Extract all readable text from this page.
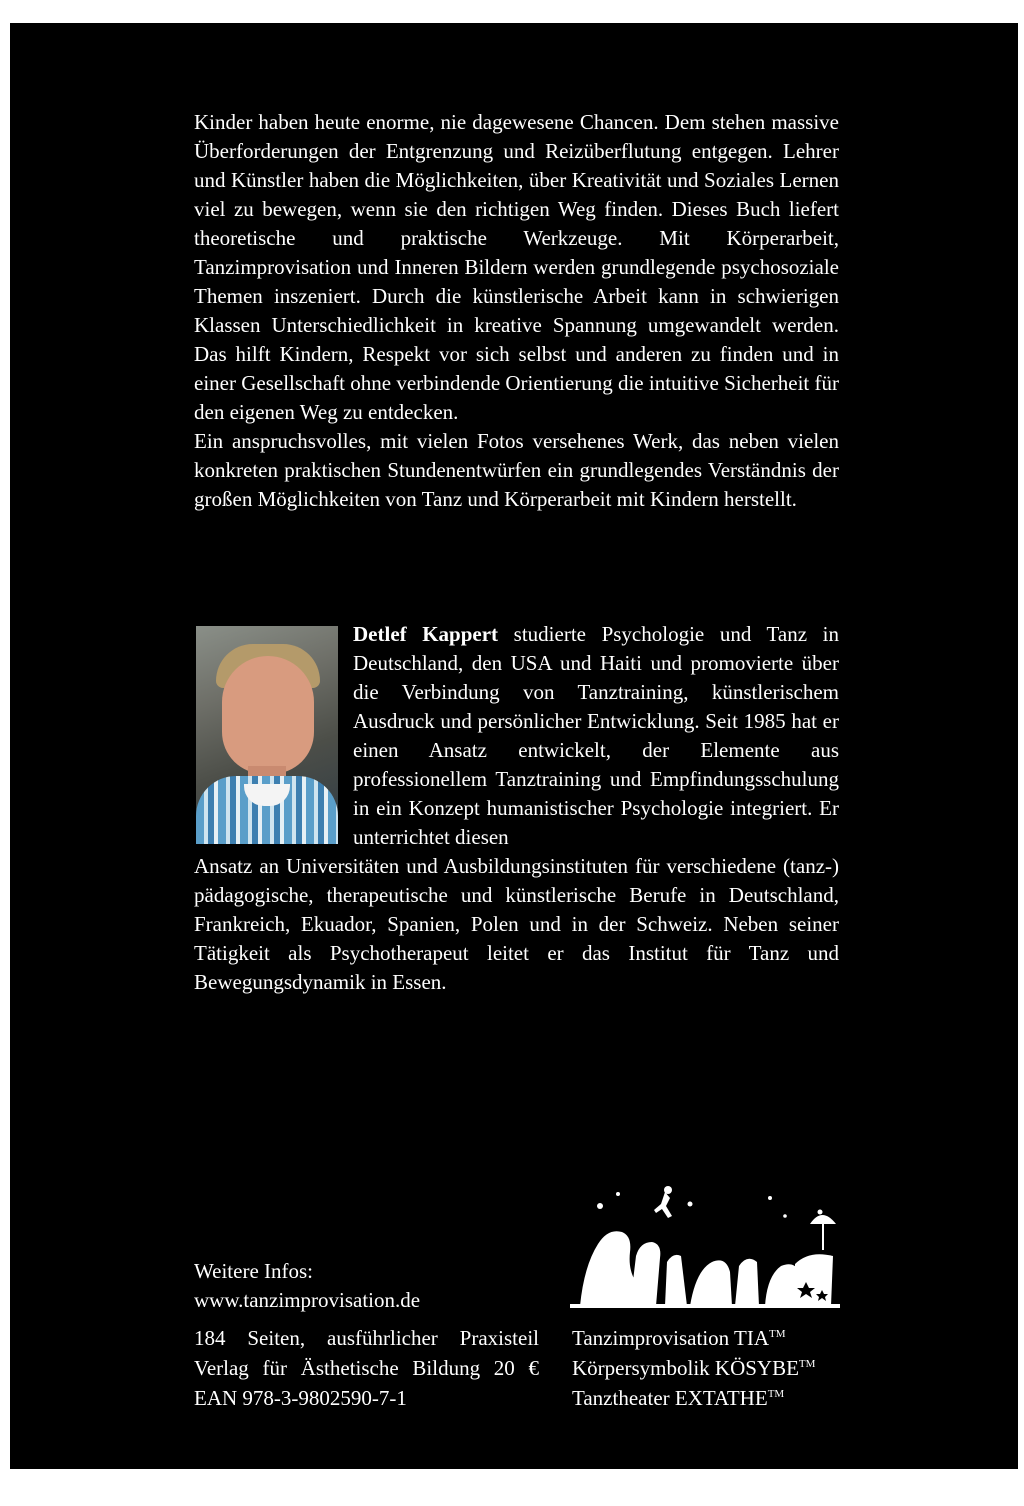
Kinder haben heute enorme, nie dagewesene Chancen. Dem stehen massive Überforderungen der Entgrenzung und Reizüberflutung entgegen. Lehrer und Künstler haben die Möglichkeiten, über Kreativität und Soziales Lernen viel zu bewegen, wenn sie den richtigen Weg finden. Dieses Buch liefert theoretische und praktische Werkzeuge. Mit Körperarbeit, Tanzimprovisation und Inneren Bildern werden grundlegende psychosoziale Themen inszeniert. Durch die künstlerische Arbeit kann in schwierigen Klassen Unterschiedlichkeit in kreative Spannung umgewandelt werden. Das hilft Kindern, Respekt vor sich selbst und anderen zu finden und in einer Gesellschaft ohne verbindende Orientierung die intuitive Sicherheit für den eigenen Weg zu entdecken.

Ein anspruchsvolles, mit vielen Fotos versehenes Werk, das neben vielen konkreten praktischen Stundenentwürfen ein grundlegendes Verständnis der großen Möglichkeiten von Tanz und Körperarbeit mit Kindern herstellt.

Detlef Kappert studierte Psychologie und Tanz in Deutschland, den USA und Haiti und promovierte über die Verbindung von Tanztraining, künstlerischem Ausdruck und persönlicher Entwicklung. Seit 1985 hat er einen Ansatz entwickelt, der Elemente aus professionellem Tanztraining und Empfindungsschulung in ein Konzept humanistischer Psychologie integriert. Er unterrichtet diesen

Ansatz an Universitäten und Ausbildungsinstituten für verschiedene (tanz-) pädagogische, therapeutische und künstlerische Berufe in Deutschland, Frankreich, Ekuador, Spanien, Polen und in der Schweiz. Neben seiner Tätigkeit als Psychotherapeut leitet er das Institut für Tanz und Bewegungsdynamik in Essen.

Weitere Infos:
www.tanzimprovisation.de
184 Seiten, ausführlicher Praxisteil
Verlag für Ästhetische Bildung 20 €
EAN 978-3-9802590-7-1
Tanzimprovisation TIA™
Körpersymbolik KÖSYBE™
Tanztheater EXTATHE™
